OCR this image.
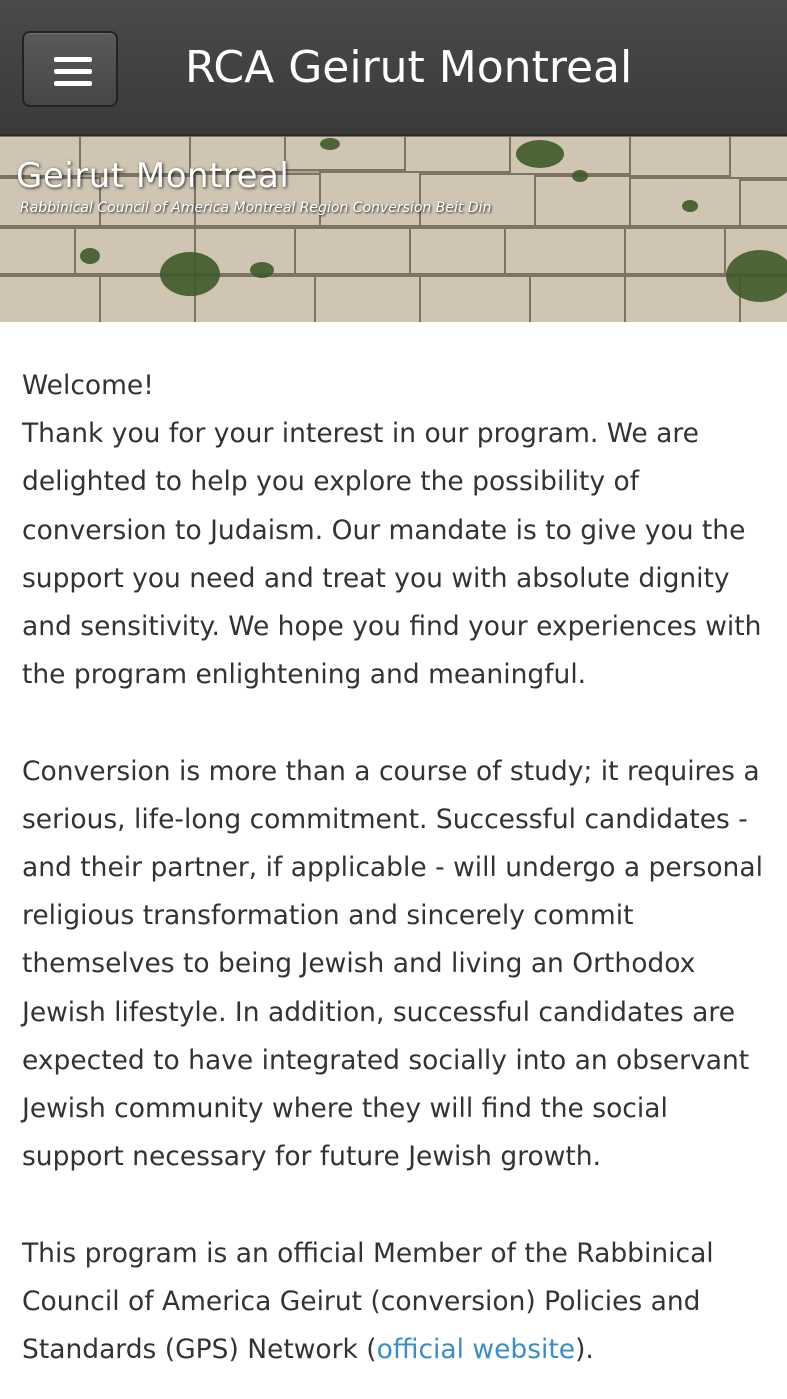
RCA Geirut Montreal
Geirut Montreal
Rabbinical Council of America Montreal Region Conversion Beit Din

Welcome!

Thank you for your interest in our program. We are delighted to help you explore the possibility of conversion to Judaism. Our mandate is to give you the support you need and treat you with absolute dignity and sensitivity. We hope you find your experiences with the program enlightening and meaningful.

Conversion is more than a course of study; it requires a serious, life-long commitment. Successful candidates - and their partner, if applicable - will undergo a personal religious transformation and sincerely commit themselves to being Jewish and living an Orthodox Jewish lifestyle. In addition, successful candidates are expected to have integrated socially into an observant Jewish community where they will find the social support necessary for future Jewish growth.

This program is an official Member of the Rabbinical Council of America Geirut (conversion) Policies and Standards (GPS) Network (official website).
